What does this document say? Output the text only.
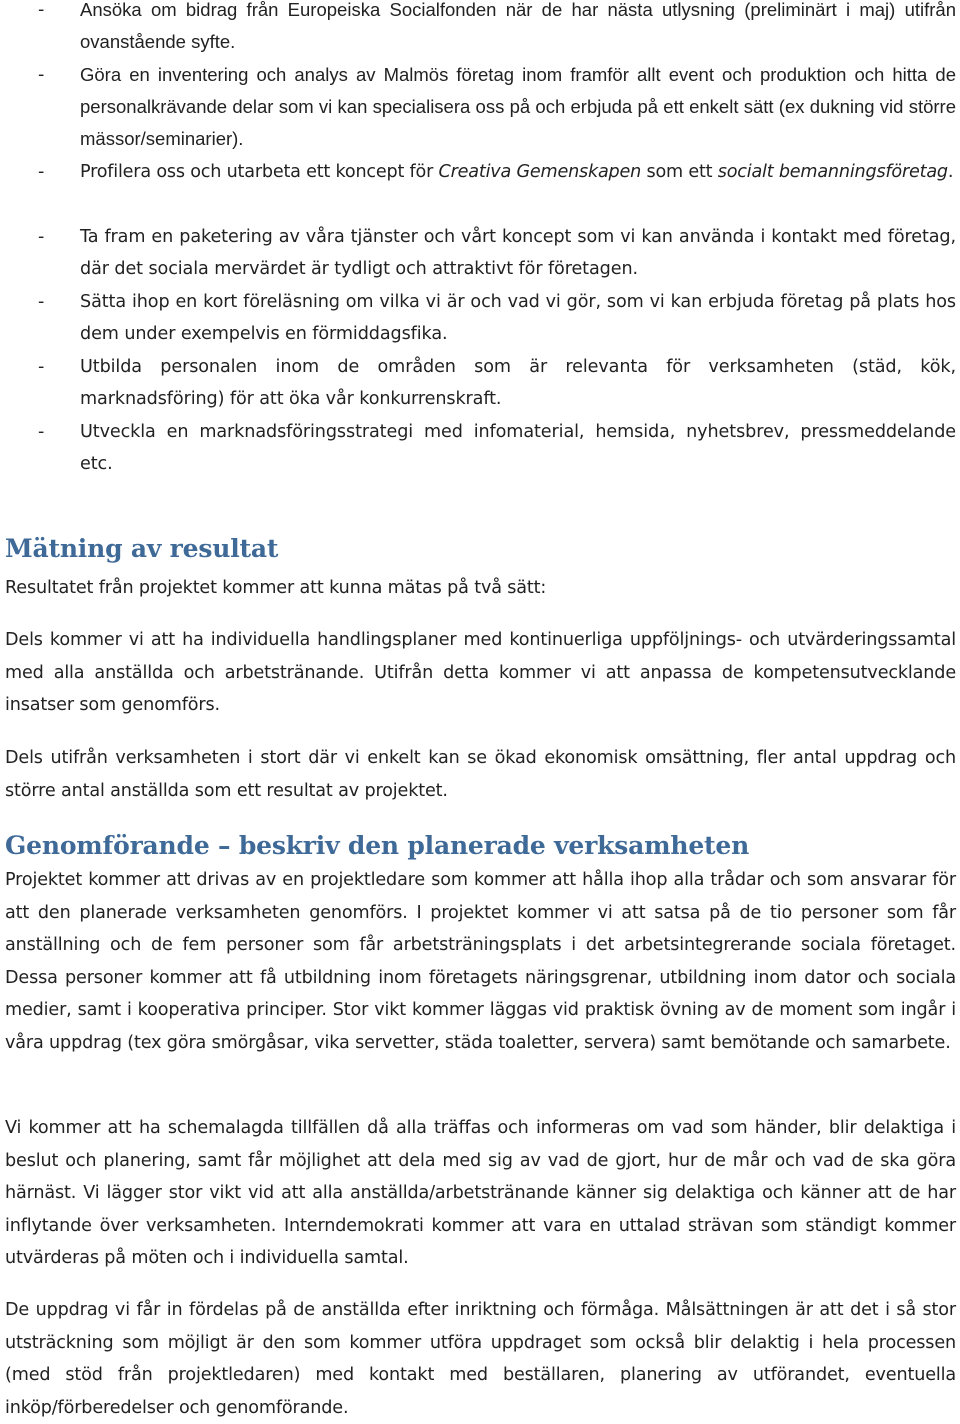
- Ansöka om bidrag från Europeiska Socialfonden när de har nästa utlysning (preliminärt i maj) utifrån ovanstående syfte.
- Göra en inventering och analys av Malmös företag inom framför allt event och produktion och hitta de personalkrävande delar som vi kan specialisera oss på och erbjuda på ett enkelt sätt (ex dukning vid större mässor/seminarier).
- Profilera oss och utarbeta ett koncept för Creativa Gemenskapen som ett socialt bemanningsföretag.
- Ta fram en paketering av våra tjänster och vårt koncept som vi kan använda i kontakt med företag, där det sociala mervärdet är tydligt och attraktivt för företagen.
- Sätta ihop en kort föreläsning om vilka vi är och vad vi gör, som vi kan erbjuda företag på plats hos dem under exempelvis en förmiddagsfika.
- Utbilda personalen inom de områden som är relevanta för verksamheten (städ, kök, marknadsföring) för att öka vår konkurrenskraft.
- Utveckla en marknadsföringsstrategi med infomaterial, hemsida, nyhetsbrev, pressmeddelande etc.
Mätning av resultat

Resultatet från projektet kommer att kunna mätas på två sätt:

Dels kommer vi att ha individuella handlingsplaner med kontinuerliga uppföljnings- och utvärderingssamtal med alla anställda och arbetstränande. Utifrån detta kommer vi att anpassa de kompetensutvecklande insatser som genomförs.

Dels utifrån verksamheten i stort där vi enkelt kan se ökad ekonomisk omsättning, fler antal uppdrag och större antal anställda som ett resultat av projektet.

Genomförande – beskriv den planerade verksamheten

Projektet kommer att drivas av en projektledare som kommer att hålla ihop alla trådar och som ansvarar för att den planerade verksamheten genomförs. I projektet kommer vi att satsa på de tio personer som får anställning och de fem personer som får arbetsträningsplats i det arbetsintegrerande sociala företaget. Dessa personer kommer att få utbildning inom företagets näringsgrenar, utbildning inom dator och sociala medier, samt i kooperativa principer. Stor vikt kommer läggas vid praktisk övning av de moment som ingår i våra uppdrag (tex göra smörgåsar, vika servetter, städa toaletter, servera) samt bemötande och samarbete.

Vi kommer att ha schemalagda tillfällen då alla träffas och informeras om vad som händer, blir delaktiga i beslut och planering, samt får möjlighet att dela med sig av vad de gjort, hur de mår och vad de ska göra härnäst. Vi lägger stor vikt vid att alla anställda/arbetstränande känner sig delaktiga och känner att de har inflytande över verksamheten. Interndemokrati kommer att vara en uttalad strävan som ständigt kommer utvärderas på möten och i individuella samtal.

De uppdrag vi får in fördelas på de anställda efter inriktning och förmåga. Målsättningen är att det i så stor utsträckning som möjligt är den som kommer utföra uppdraget som också blir delaktig i hela processen (med stöd från projektledaren) med kontakt med beställaren, planering av utförandet, eventuella inköp/förberedelser och genomförande.
